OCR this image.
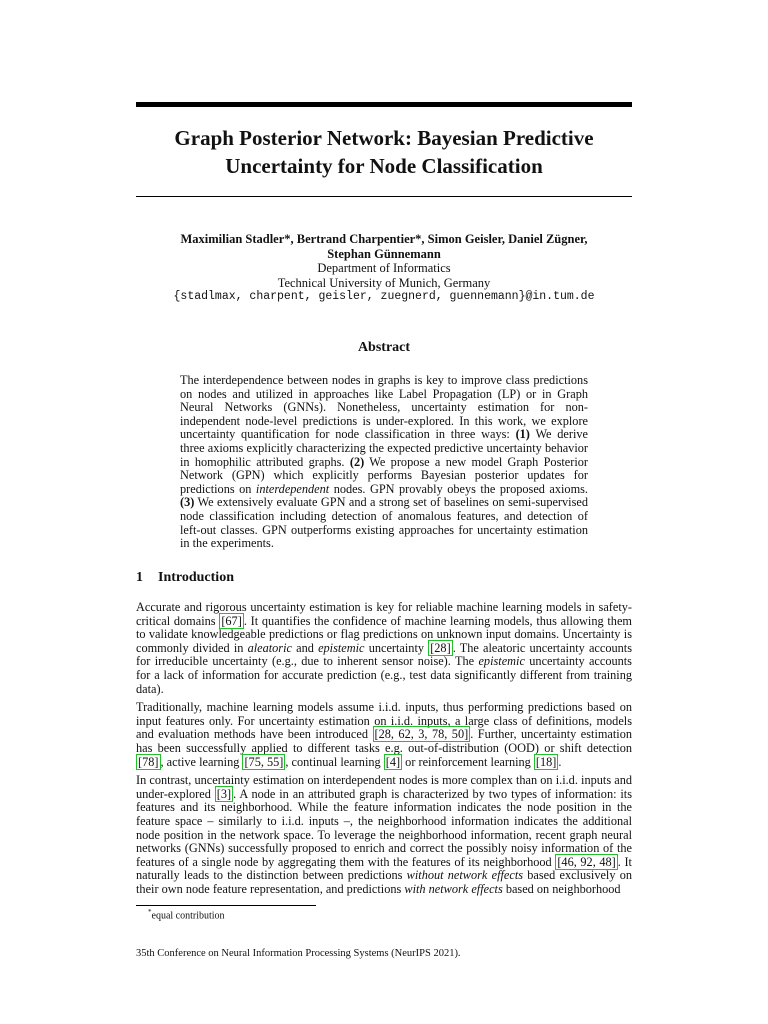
Graph Posterior Network: Bayesian Predictive Uncertainty for Node Classification
Maximilian Stadler*, Bertrand Charpentier*, Simon Geisler, Daniel Zügner,
Stephan Günnemann
Department of Informatics
Technical University of Munich, Germany
{stadlmax, charpent, geisler, zuegnerd, guennemann}@in.tum.de
Abstract
The interdependence between nodes in graphs is key to improve class predictions on nodes and utilized in approaches like Label Propagation (LP) or in Graph Neural Networks (GNNs). Nonetheless, uncertainty estimation for non-independent node-level predictions is under-explored. In this work, we explore uncertainty quantification for node classification in three ways: (1) We derive three axioms explicitly characterizing the expected predictive uncertainty behavior in homophilic attributed graphs. (2) We propose a new model Graph Posterior Network (GPN) which explicitly performs Bayesian posterior updates for predictions on interdependent nodes. GPN provably obeys the proposed axioms. (3) We extensively evaluate GPN and a strong set of baselines on semi-supervised node classification including detection of anomalous features, and detection of left-out classes. GPN outperforms existing approaches for uncertainty estimation in the experiments.
1 Introduction

Accurate and rigorous uncertainty estimation is key for reliable machine learning models in safety-critical domains [67] . It quantifies the confidence of machine learning models, thus allowing them to validate knowledgeable predictions or flag predictions on unknown input domains. Uncertainty is commonly divided in aleatoric and epistemic uncertainty [28] . The aleatoric uncertainty accounts for irreducible uncertainty (e.g., due to inherent sensor noise). The epistemic uncertainty accounts for a lack of information for accurate prediction (e.g., test data significantly different from training data).

Traditionally, machine learning models assume i.i.d. inputs, thus performing predictions based on input features only. For uncertainty estimation on i.i.d. inputs, a large class of definitions, models and evaluation methods have been introduced [28, 62, 3, 78, 50] . Further, uncertainty estimation has been successfully applied to different tasks e.g. out-of-distribution (OOD) or shift detection [78] , active learning [75, 55] , continual learning [4] or reinforcement learning [18] .

In contrast, uncertainty estimation on interdependent nodes is more complex than on i.i.d. inputs and under-explored [3] . A node in an attributed graph is characterized by two types of information: its features and its neighborhood. While the feature information indicates the node position in the feature space – similarly to i.i.d. inputs –, the neighborhood information indicates the additional node position in the network space. To leverage the neighborhood information, recent graph neural networks (GNNs) successfully proposed to enrich and correct the possibly noisy information of the features of a single node by aggregating them with the features of its neighborhood [46, 92, 48] . It naturally leads to the distinction between predictions without network effects based exclusively on their own node feature representation, and predictions with network effects based on neighborhood

*equal contribution
35th Conference on Neural Information Processing Systems (NeurIPS 2021).
